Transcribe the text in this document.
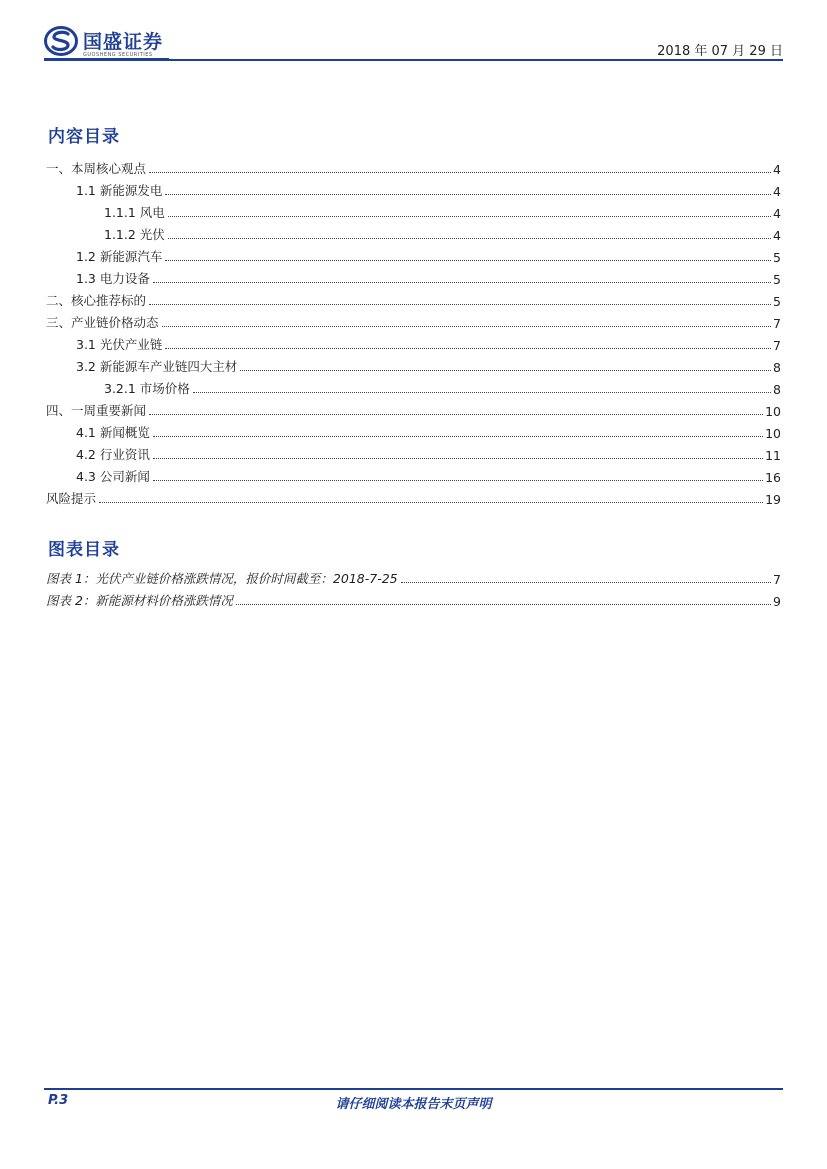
国盛证券
GUOSHENG SECURITIES	2018 年 07 月 29 日
内容目录
一、本周核心观点	4
1.1 新能源发电	4
1.1.1 风电	4
1.1.2 光伏	4
1.2 新能源汽车	5
1.3 电力设备	5
二、核心推荐标的	5
三、产业链价格动态	7
3.1 光伏产业链	7
3.2 新能源车产业链四大主材	8
3.2.1 市场价格	8
四、一周重要新闻	10
4.1 新闻概览	10
4.2 行业资讯	11
4.3 公司新闻	16
风险提示	19
图表目录
图表 1：光伏产业链价格涨跌情况，报价时间截至：2018-7-25	7
图表 2：新能源材料价格涨跌情况	9
P.3	请仔细阅读本报告末页声明
